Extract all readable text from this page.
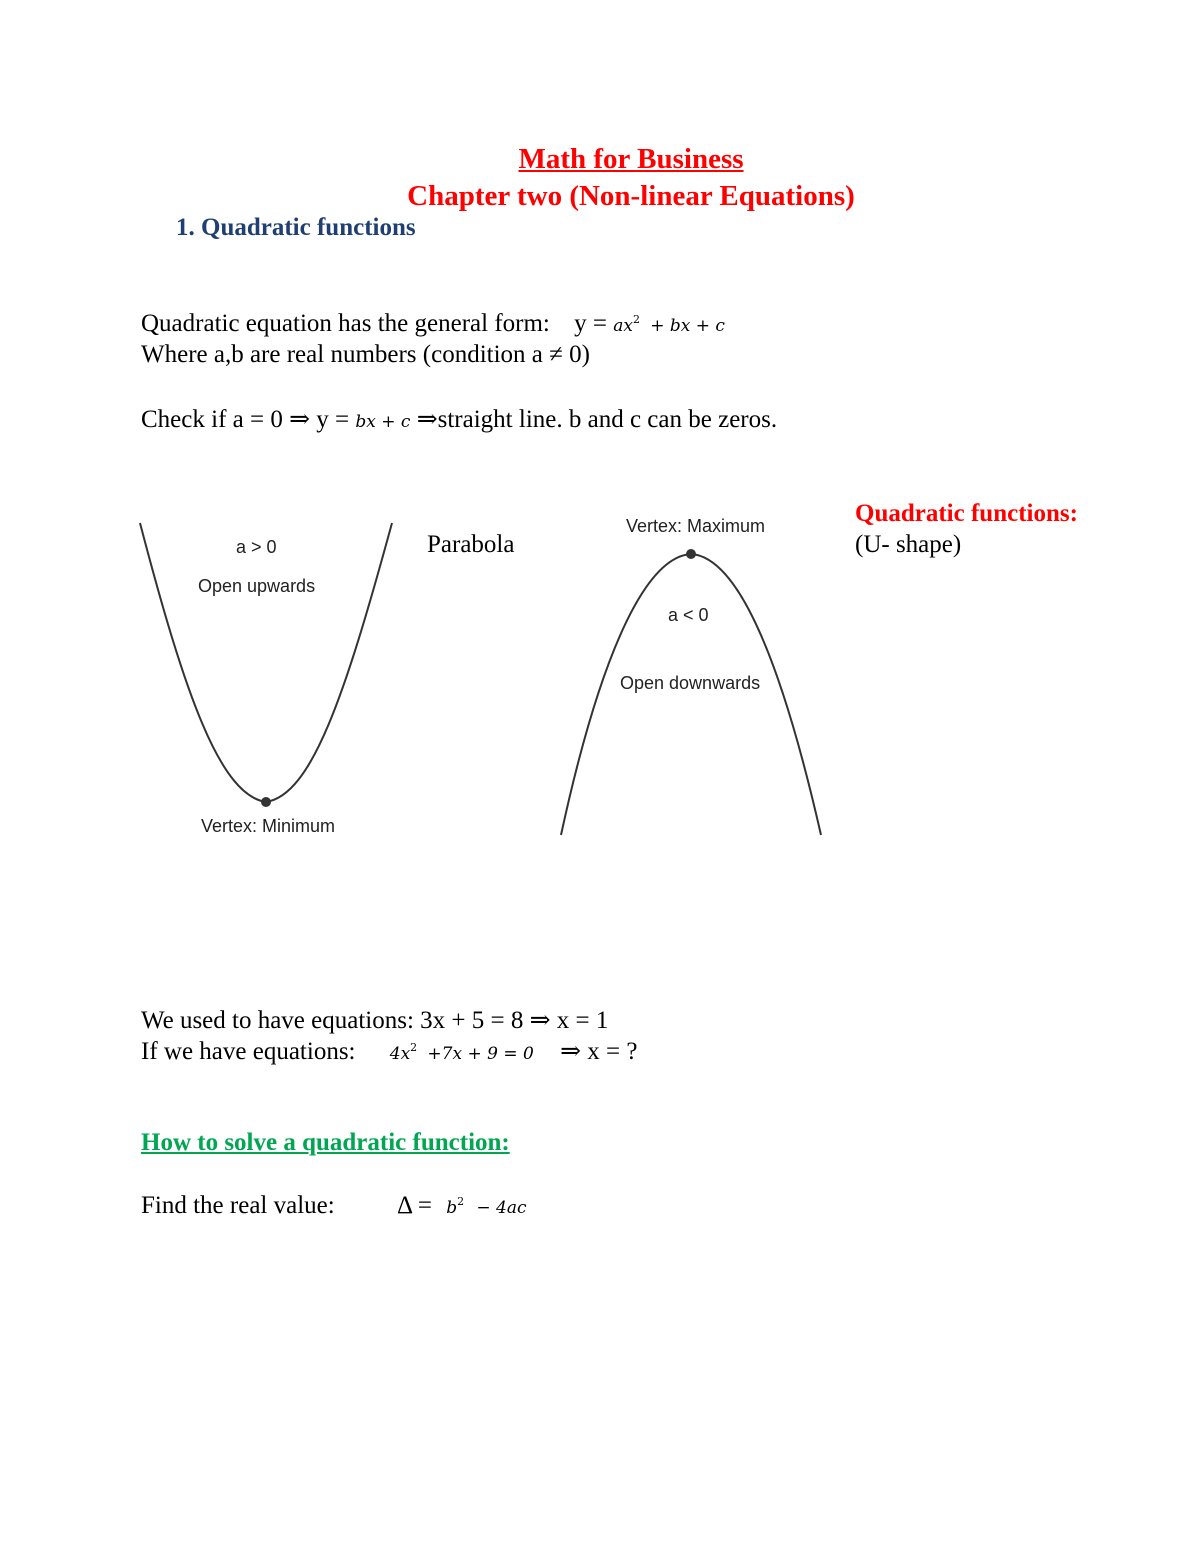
Math for Business
Chapter two (Non-linear Equations)
1. Quadratic functions
Quadratic equation has the general form: $y = ax^2$ + bx + c
Where a,b are real numbers (condition a ≠ 0)
Check if a = 0 ⇒ y = bx + c ⇒straight line. b and c can be zeros.
a > 0
Open upwards
Vertex: Minimum
Parabola
Vertex: Maximum
a < 0
Open downwards
Quadratic functions:
(U- shape)
We used to have equations: 3x + 5 = 8 ⇒ x = 1
If we have equations: $4x^2 +7x + 9 = 0$ ⇒ x = ?
How to solve a quadratic function:
Find the real value: $\Delta = b^2 - 4ac$
